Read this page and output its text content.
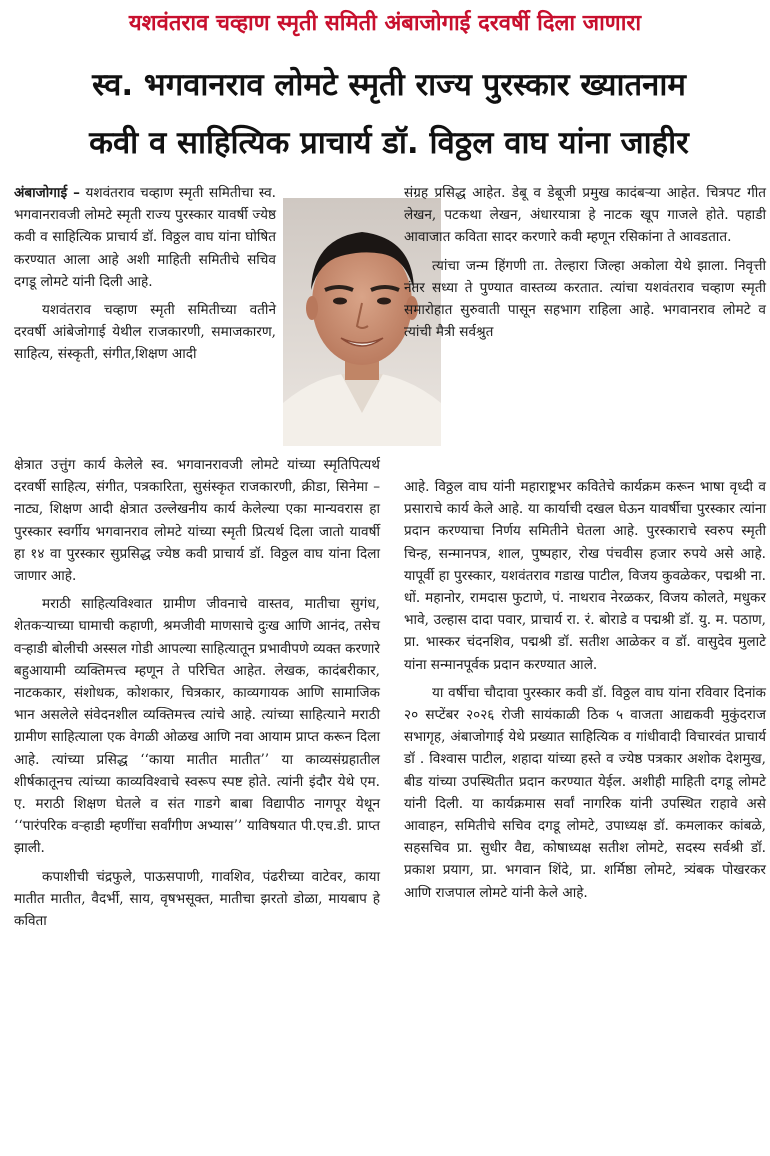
यशवंतराव चव्हाण स्मृती समिती अंबाजोगाई दरवर्षी दिला जाणारा
स्व. भगवानराव लोमटे स्मृती राज्य पुरस्कार ख्यातनाम
कवी व साहित्यिक प्राचार्य डॉ. विठ्ठल वाघ यांना जाहीर

अंबाजोगाई – यशवंतराव चव्हाण स्मृती समितीचा स्व. भगवानरावजी लोमटे स्मृती राज्य पुरस्कार यावर्षी ज्येष्ठ कवी व साहित्यिक प्राचार्य डॉ. विठ्ठल वाघ यांना घोषित करण्यात आला आहे अशी माहिती समितीचे सचिव दगडू लोमटे यांनी दिली आहे.

यशवंतराव चव्हाण स्मृती समितीच्या वतीने दरवर्षी आंबेजोगाई येथील राजकारणी, समाजकारण, साहित्य, संस्कृती, संगीत,शिक्षण आदी

क्षेत्रात उत्तुंग कार्य केलेले स्व. भगवानरावजी लोमटे यांच्या स्मृतिपित्यर्थ दरवर्षी साहित्य, संगीत, पत्रकारिता, सुसंस्कृत राजकारणी, क्रीडा, सिनेमा – नाट्य, शिक्षण आदी क्षेत्रात उल्लेखनीय कार्य केलेल्या एका मान्यवरास हा पुरस्कार स्वर्गीय भगवानराव लोमटे यांच्या स्मृती प्रित्यर्थ दिला जातो यावर्षी हा १४ वा पुरस्कार सुप्रसिद्ध ज्येष्ठ कवी प्राचार्य डॉ. विठ्ठल वाघ यांना दिला जाणार आहे.

मराठी साहित्यविश्वात ग्रामीण जीवनाचे वास्तव, मातीचा सुगंध, शेतकऱ्याच्या घामाची कहाणी, श्रमजीवी माणसाचे दुःख आणि आनंद, तसेच वऱ्हाडी बोलीची अस्सल गोडी आपल्या साहित्यातून प्रभावीपणे व्यक्त करणारे बहुआयामी व्यक्तिमत्त्व म्हणून ते परिचित आहेत. लेखक, कादंबरीकार, नाटककार, संशोधक, कोशकार, चित्रकार, काव्यगायक आणि सामाजिक भान असलेले संवेदनशील व्यक्तिमत्त्व त्यांचे आहे. त्यांच्या साहित्याने मराठी ग्रामीण साहित्याला एक वेगळी ओळख आणि नवा आयाम प्राप्त करून दिला आहे. त्यांच्या प्रसिद्ध ‘‘काया मातीत मातीत’’ या काव्यसंग्रहातील शीर्षकातूनच त्यांच्या काव्यविश्वाचे स्वरूप स्पष्ट होते. त्यांनी इंदौर येथे एम. ए. मराठी शिक्षण घेतले व संत गाडगे बाबा विद्यापीठ नागपूर येथून ‘‘पारंपरिक वऱ्हाडी म्हणींचा सर्वांगीण अभ्यास’’ याविषयात पी.एच.डी. प्राप्त झाली.

कपाशीची चंद्रफुले, पाऊसपाणी, गावशिव, पंढरीच्या वाटेवर, काया मातीत मातीत, वैदर्भी, साय, वृषभसूक्त, मातीचा झरतो डोळा, मायबाप हे कविता

संग्रह प्रसिद्ध आहेत. डेबू व डेबूजी प्रमुख कादंबऱ्या आहेत. चित्रपट गीत लेखन, पटकथा लेखन, अंधारयात्रा हे नाटक खूप गाजले होते. पहाडी आवाजात कविता सादर करणारे कवी म्हणून रसिकांना ते आवडतात.

त्यांचा जन्म हिंगणी ता. तेल्हारा जिल्हा अकोला येथे झाला. निवृत्ती नंतर सध्या ते पुण्यात वास्तव्य करतात. त्यांचा यशवंतराव चव्हाण स्मृती समारोहात सुरुवाती पासून सहभाग राहिला आहे. भगवानराव लोमटे व त्यांची मैत्री सर्वश्रुत

आहे. विठ्ठल वाघ यांनी महाराष्ट्रभर कवितेचे कार्यक्रम करून भाषा वृध्दी व प्रसाराचे कार्य केले आहे. या कार्याची दखल घेऊन यावर्षीचा पुरस्कार त्यांना प्रदान करण्याचा निर्णय समितीने घेतला आहे. पुरस्काराचे स्वरुप स्मृती चिन्ह, सन्मानपत्र, शाल, पुष्पहार, रोख पंचवीस हजार रुपये असे आहे. यापूर्वी हा पुरस्कार, यशवंतराव गडाख पाटील, विजय कुवळेकर, पद्मश्री ना. धों. महानोर, रामदास फुटाणे, पं. नाथराव नेरळकर, विजय कोलते, मधुकर भावे, उल्हास दादा पवार, प्राचार्य रा. रं. बोराडे व पद्मश्री डॉ. यु. म. पठाण, प्रा. भास्कर चंदनशिव, पद्मश्री डॉ. सतीश आळेकर व डॉ. वासुदेव मुलाटे यांना सन्मानपूर्वक प्रदान करण्यात आले.

या वर्षीचा चौदावा पुरस्कार कवी डॉ. विठ्ठल वाघ यांना रविवार दिनांक २० सप्टेंबर २०२६ रोजी सायंकाळी ठिक ५ वाजता आद्यकवी मुकुंदराज सभागृह, अंबाजोगाई येथे प्रख्यात साहित्यिक व गांधीवादी विचारवंत प्राचार्य डॉ . विश्वास पाटील, शहादा यांच्या हस्ते व ज्येष्ठ पत्रकार अशोक देशमुख, बीड यांच्या उपस्थितीत प्रदान करण्यात येईल. अशीही माहिती दगडू लोमटे यांनी दिली. या कार्यक्रमास सर्वां नागरिक यांनी उपस्थित राहावे असे आवाहन, समितीचे सचिव दगडू लोमटे, उपाध्यक्ष डॉ. कमलाकर कांबळे, सहसचिव प्रा. सुधीर वैद्य, कोषाध्यक्ष सतीश लोमटे, सदस्य सर्वश्री डॉ. प्रकाश प्रयाग, प्रा. भगवान शिंदे, प्रा. शर्मिष्ठा लोमटे, त्र्यंबक पोखरकर आणि राजपाल लोमटे यांनी केले आहे.
